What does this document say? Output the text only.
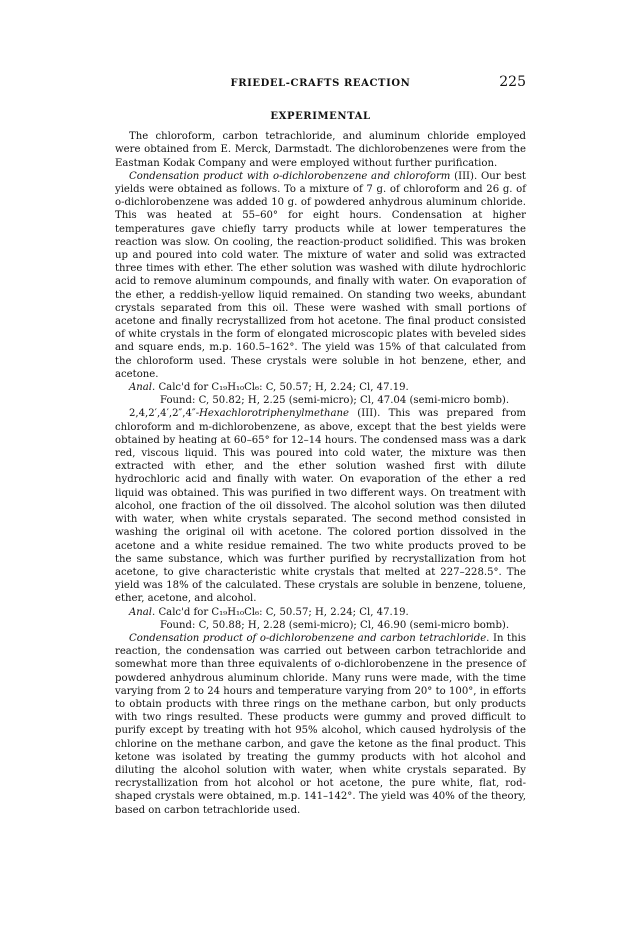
FRIEDEL-CRAFTS REACTION	225
EXPERIMENTAL

The chloroform, carbon tetrachloride, and aluminum chloride employed were obtained from E. Merck, Darmstadt. The dichlorobenzenes were from the Eastman Kodak Company and were employed without further purification.

Condensation product with o-dichlorobenzene and chloroform (III). Our best yields were obtained as follows. To a mixture of 7 g. of chloroform and 26 g. of o-dichlorobenzene was added 10 g. of powdered anhydrous aluminum chloride. This was heated at 55–60° for eight hours. Condensation at higher temperatures gave chiefly tarry products while at lower temperatures the reaction was slow. On cooling, the reaction-product solidified. This was broken up and poured into cold water. The mixture of water and solid was extracted three times with ether. The ether solution was washed with dilute hydrochloric acid to remove aluminum compounds, and finally with water. On evaporation of the ether, a reddish-yellow liquid remained. On standing two weeks, abundant crystals separated from this oil. These were washed with small portions of acetone and finally recrystallized from hot acetone. The final product consisted of white crystals in the form of elongated microscopic plates with beveled sides and square ends, m.p. 160.5–162°. The yield was 15% of that calculated from the chloroform used. These crystals were soluble in hot benzene, ether, and acetone.

Anal. Calc'd for C₁₉H₁₀Cl₆: C, 50.57; H, 2.24; Cl, 47.19.

Found: C, 50.82; H, 2.25 (semi-micro); Cl, 47.04 (semi-micro bomb).

2,4,2′,4′,2″,4″-Hexachlorotriphenylmethane (III). This was prepared from chloroform and m-dichlorobenzene, as above, except that the best yields were obtained by heating at 60–65° for 12–14 hours. The condensed mass was a dark red, viscous liquid. This was poured into cold water, the mixture was then extracted with ether, and the ether solution washed first with dilute hydrochloric acid and finally with water. On evaporation of the ether a red liquid was obtained. This was purified in two different ways. On treatment with alcohol, one fraction of the oil dissolved. The alcohol solution was then diluted with water, when white crystals separated. The second method consisted in washing the original oil with acetone. The colored portion dissolved in the acetone and a white residue remained. The two white products proved to be the same substance, which was further purified by recrystallization from hot acetone, to give characteristic white crystals that melted at 227–228.5°. The yield was 18% of the calculated. These crystals are soluble in benzene, toluene, ether, acetone, and alcohol.

Anal. Calc'd for C₁₉H₁₀Cl₆: C, 50.57; H, 2.24; Cl, 47.19.

Found: C, 50.88; H, 2.28 (semi-micro); Cl, 46.90 (semi-micro bomb).

Condensation product of o-dichlorobenzene and carbon tetrachloride. In this reaction, the condensation was carried out between carbon tetrachloride and somewhat more than three equivalents of o-dichlorobenzene in the presence of powdered anhydrous aluminum chloride. Many runs were made, with the time varying from 2 to 24 hours and temperature varying from 20° to 100°, in efforts to obtain products with three rings on the methane carbon, but only products with two rings resulted. These products were gummy and proved difficult to purify except by treating with hot 95% alcohol, which caused hydrolysis of the chlorine on the methane carbon, and gave the ketone as the final product. This ketone was isolated by treating the gummy products with hot alcohol and diluting the alcohol solution with water, when white crystals separated. By recrystallization from hot alcohol or hot acetone, the pure white, flat, rod-shaped crystals were obtained, m.p. 141–142°. The yield was 40% of the theory, based on carbon tetrachloride used.
